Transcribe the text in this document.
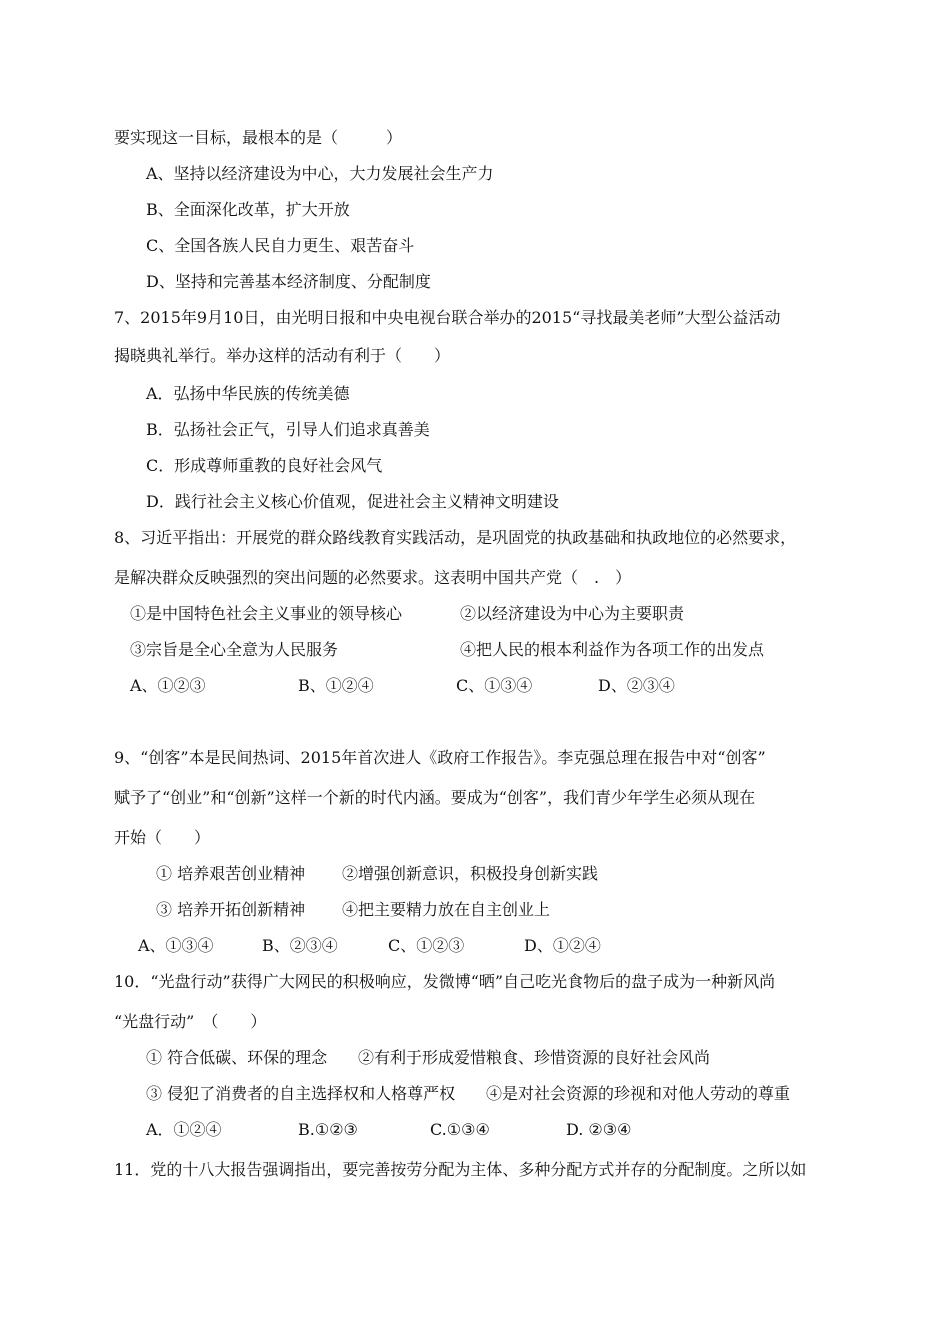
要实现这一目标，最根本的是（　　　）
A、坚持以经济建设为中心，大力发展社会生产力
B、全面深化改革，扩大开放
C、全国各族人民自力更生、艰苦奋斗
D、坚持和完善基本经济制度、分配制度
7、2015年9月10日，由光明日报和中央电视台联合举办的2015“寻找最美老师”大型公益活动
揭晓典礼举行。举办这样的活动有利于（　　）
A．弘扬中华民族的传统美德
B．弘扬社会正气，引导人们追求真善美
C．形成尊师重教的良好社会风气
D．践行社会主义核心价值观，促进社会主义精神文明建设
8、习近平指出：开展党的群众路线教育实践活动，是巩固党的执政基础和执政地位的必然要求，
是解决群众反映强烈的突出问题的必然要求。这表明中国共产党（　.　）
①是中国特色社会主义事业的领导核心	②以经济建设为中心为主要职责
③宗旨是全心全意为人民服务	④把人民的根本利益作为各项工作的出发点
A、①②③	B、①②④	C、①③④	D、②③④
9、“创客”本是民间热词、2015年首次进人《政府工作报告》。李克强总理在报告中对“创客”
赋予了“创业”和“创新”这样一个新的时代内涵。要成为“创客”，我们青少年学生必须从现在
开始（　　）
① 培养艰苦创业精神 ②增强创新意识，积极投身创新实践
③ 培养开拓创新精神 ④把主要精力放在自主创业上
A、①③④	B、②③④	C、①②③	D、①②④
10．“光盘行动”获得广大网民的积极响应，发微博“晒”自己吃光食物后的盘子成为一种新风尚
“光盘行动”　（　　）
① 符合低碳、环保的理念 ②有利于形成爱惜粮食、珍惜资源的良好社会风尚
③ 侵犯了消费者的自主选择权和人格尊严权 ④是对社会资源的珍视和对他人劳动的尊重
A．①②④	B.①②③	C.①③④	D. ②③④
11．党的十八大报告强调指出，要完善按劳分配为主体、多种分配方式并存的分配制度。之所以如
